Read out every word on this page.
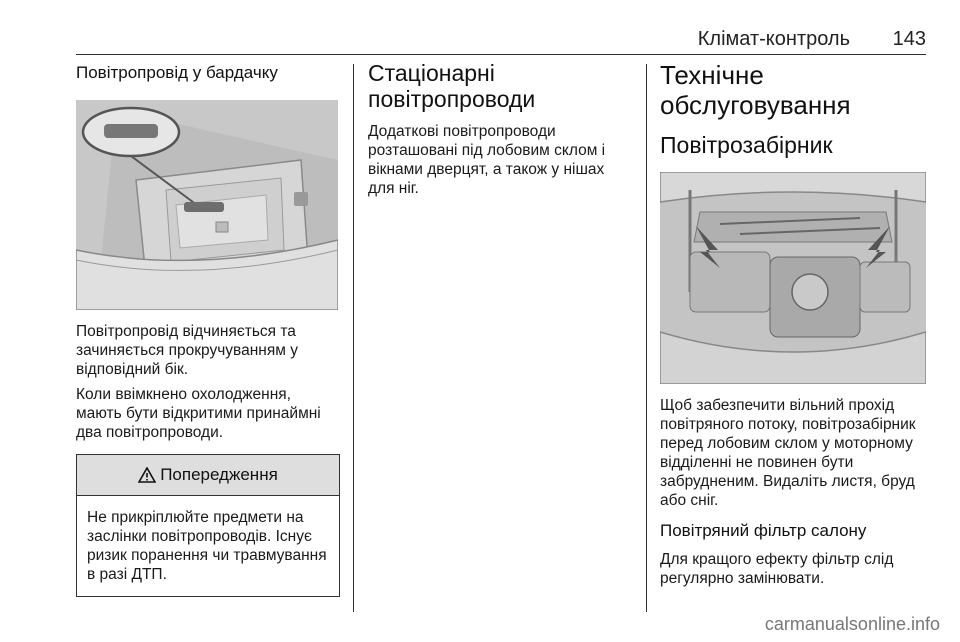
Клімат-контроль	143
Повітропровід у бардачку

Повітропровід відчиняється та зачиняється прокручуванням у відповідний бік.

Коли ввімкнено охолодження, мають бути відкритими принаймні два повітропроводи.

Попередження

Не прикріплюйте предмети на заслінки повітропроводів. Існує ризик поранення чи травмування в разі ДТП.

Стаціонарні
повітропроводи

Додаткові повітропроводи розташовані під лобовим склом і вікнами дверцят, а також у нішах для ніг.

Технічне
обслуговування
Повітрозабірник

Щоб забезпечити вільний прохід повітряного потоку, повітрозабірник перед лобовим склом у моторному відділенні не повинен бути забрудненим. Видаліть листя, бруд або сніг.

Повітряний фільтр салону

Для кращого ефекту фільтр слід регулярно замінювати.

carmanualsonline.info
